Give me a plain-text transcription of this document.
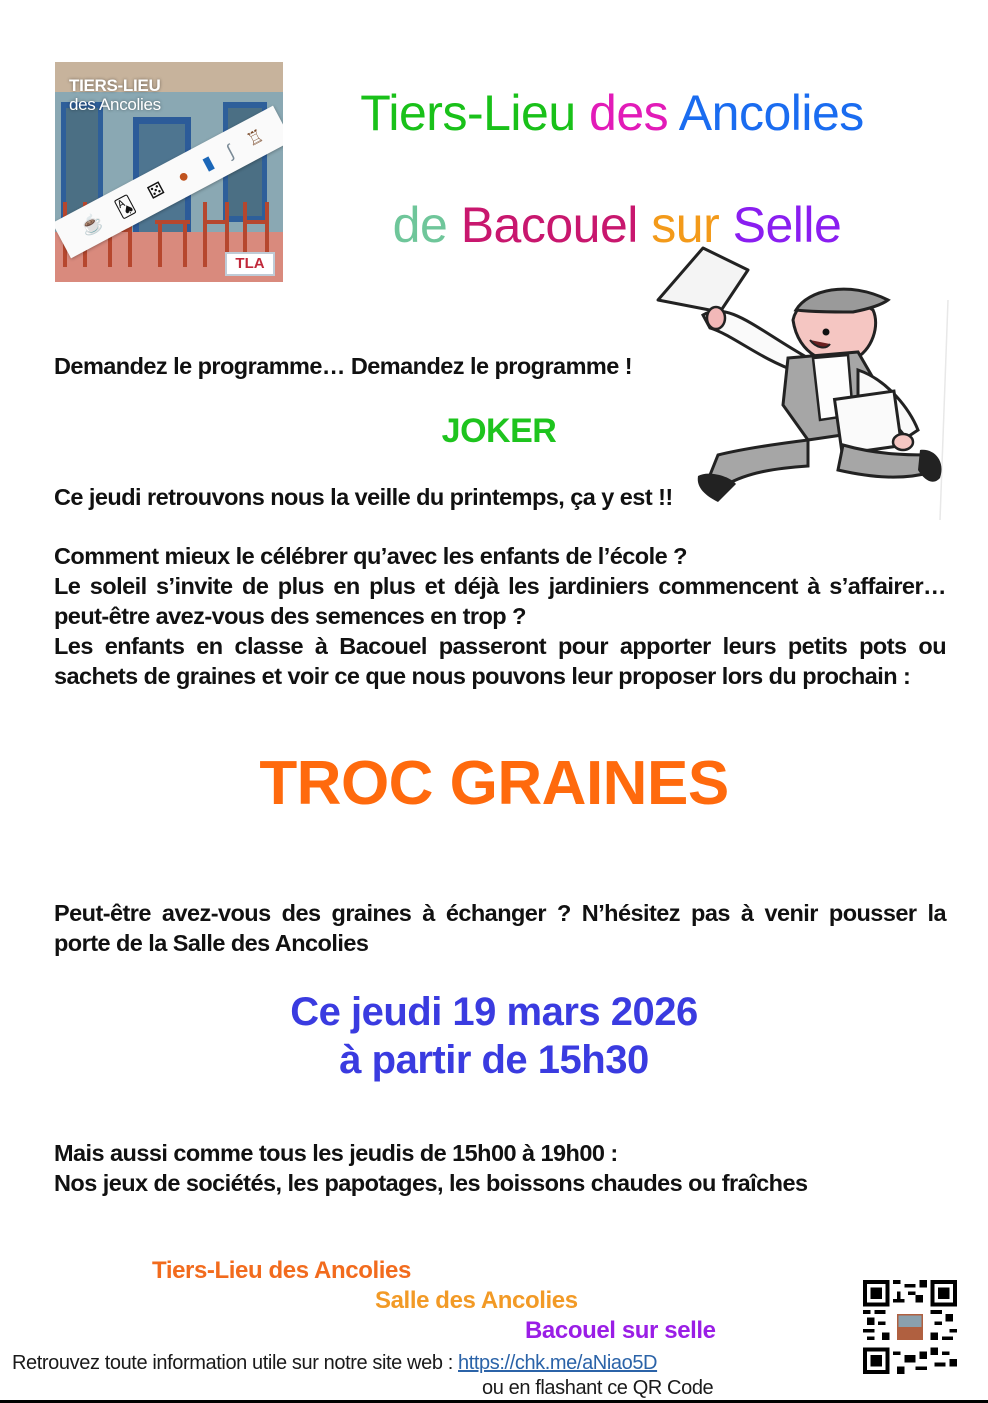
TIERS-LIEU
des Ancolies
☕
🂡
⚄
●
▮
∫
♖
TLA
Tiers-Lieu des Ancolies
de Bacouel sur Selle
Demandez le programme… Demandez le programme !
JOKER
Ce jeudi retrouvons nous la veille du printemps, ça y est !!
Comment mieux le célébrer qu’avec les enfants de l’école ?
Le soleil s’invite de plus en plus et déjà les jardiniers commencent à s’affairer… peut-être avez-vous des semences en trop ?
Les enfants en classe à Bacouel passeront pour apporter leurs petits pots ou sachets de graines et voir ce que nous pouvons leur proposer lors du prochain :
TROC GRAINES
Peut-être avez-vous des graines à échanger ? N’hésitez pas à venir pousser la porte de la Salle des Ancolies
Ce jeudi 19 mars 2026
à partir de 15h30
Mais aussi comme tous les jeudis de 15h00 à 19h00 :
Nos jeux de sociétés, les papotages, les boissons chaudes ou fraîches
Tiers-Lieu des Ancolies
Salle des Ancolies
Bacouel sur selle
Retrouvez toute information utile sur notre site web : https://chk.me/aNiao5D
ou en flashant ce QR Code
